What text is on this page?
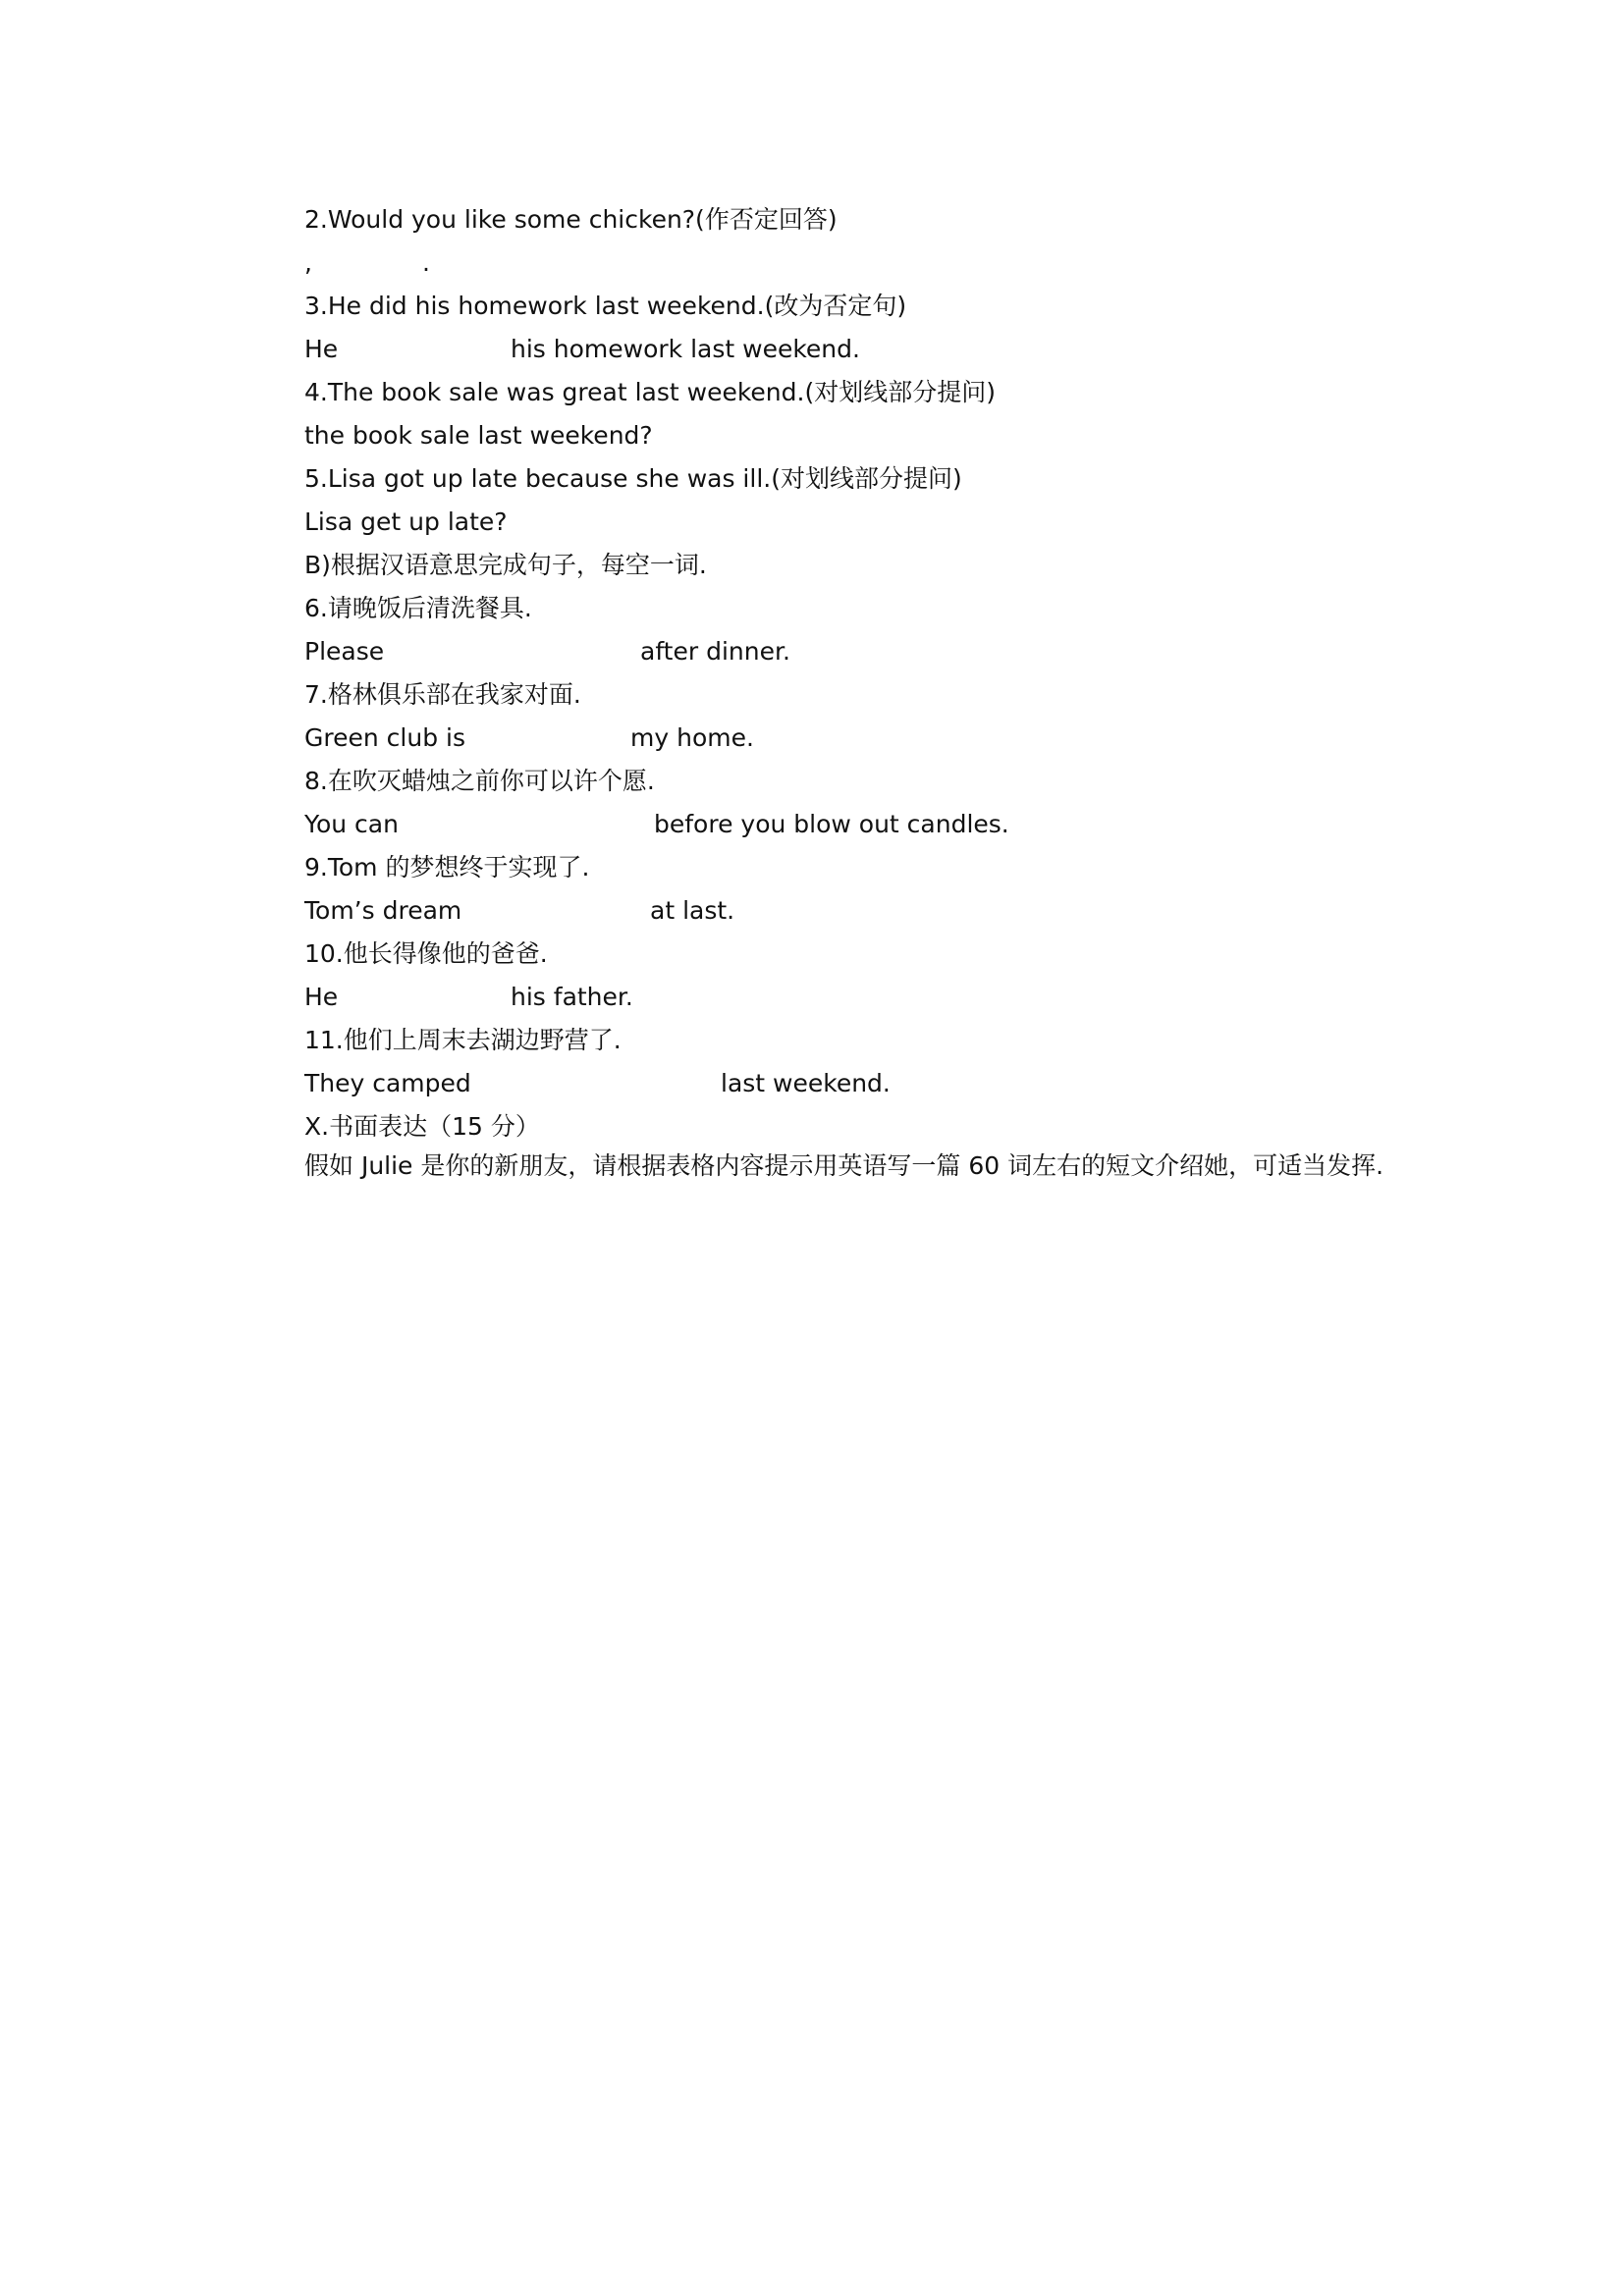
2.Would you like some chicken?(作否定回答)
,	.
3.He did his homework last weekend.(改为否定句)
He	his homework last weekend.
4.The book sale was great last weekend.(对划线部分提问)
the book sale last weekend?
5.Lisa got up late because she was ill.(对划线部分提问)
Lisa get up late?
B)根据汉语意思完成句子，每空一词.
6.请晚饭后清洗餐具.
Please	after dinner.
7.格林俱乐部在我家对面.
Green club is	my home.
8.在吹灭蜡烛之前你可以许个愿.
You can	before you blow out candles.
9.Tom 的梦想终于实现了.
Tom’s dream	at last.
10.他长得像他的爸爸.
He	his father.
11.他们上周末去湖边野营了.
They camped	last weekend.
Ⅹ.书面表达（15 分）
假如 Julie 是你的新朋友，请根据表格内容提示用英语写一篇 60 词左右的短文介绍她，可适当发挥.
